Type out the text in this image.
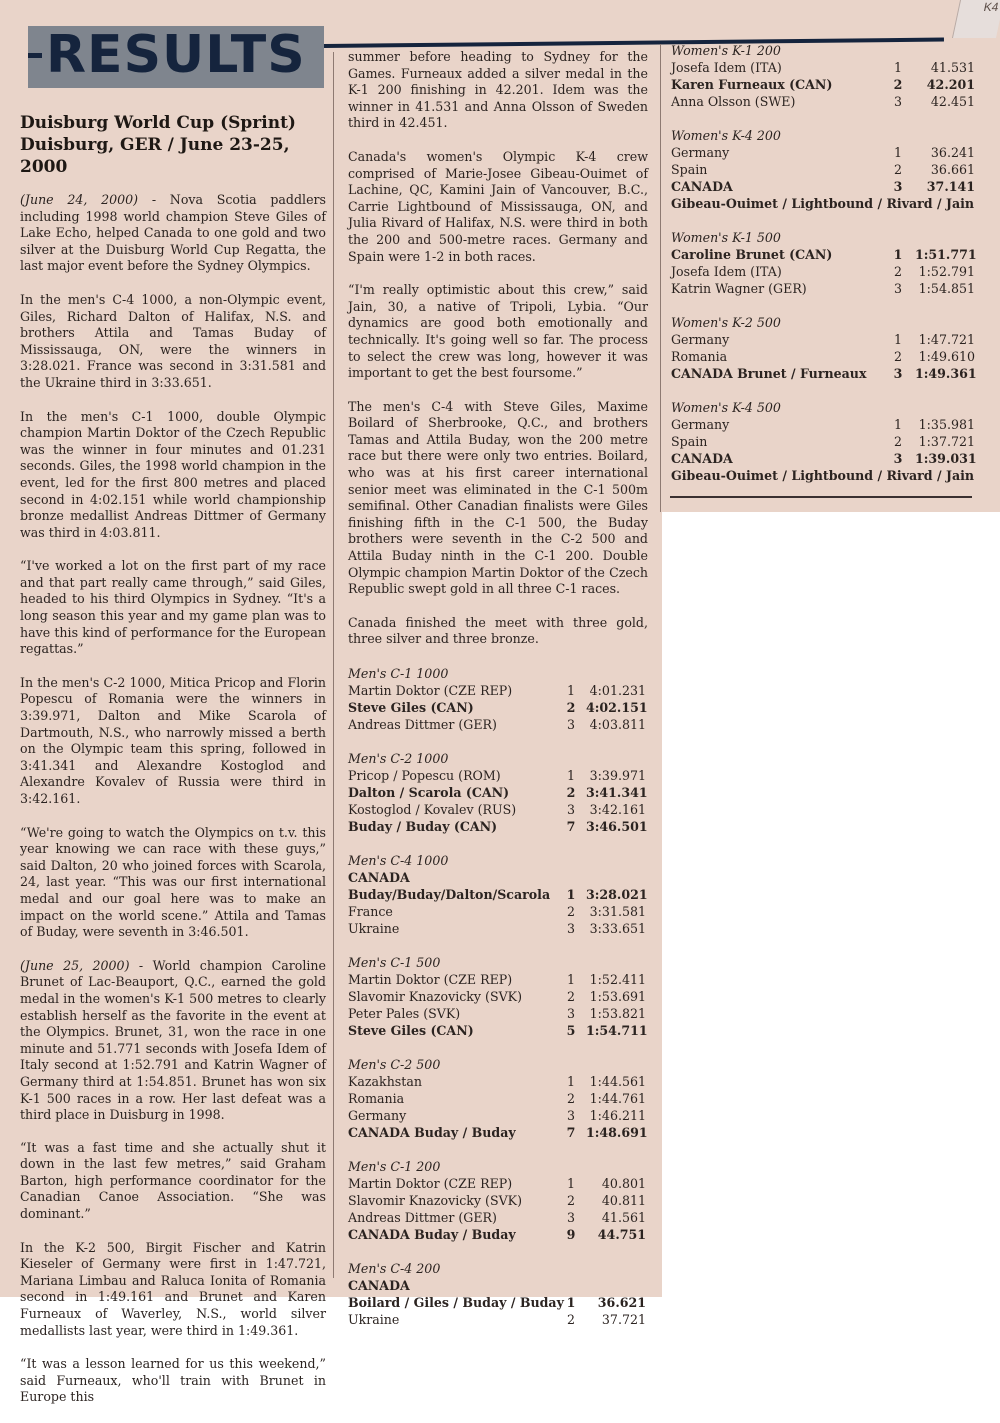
K4
RESULTS
Duisburg World Cup (Sprint)
Duisburg, GER / June 23-25, 2000

(June 24, 2000) - Nova Scotia paddlers including 1998 world champion Steve Giles of Lake Echo, helped Canada to one gold and two silver at the Duisburg World Cup Regatta, the last major event before the Sydney Olympics.

In the men's C-4 1000, a non-Olympic event, Giles, Richard Dalton of Halifax, N.S. and brothers Attila and Tamas Buday of Mississauga, ON, were the winners in 3:28.021. France was second in 3:31.581 and the Ukraine third in 3:33.651.

In the men's C-1 1000, double Olympic champion Martin Doktor of the Czech Republic was the winner in four minutes and 01.231 seconds. Giles, the 1998 world champion in the event, led for the first 800 metres and placed second in 4:02.151 while world championship bronze medallist Andreas Dittmer of Germany was third in 4:03.811.

“I've worked a lot on the first part of my race and that part really came through,” said Giles, headed to his third Olympics in Sydney. “It's a long season this year and my game plan was to have this kind of performance for the European regattas.”

In the men's C-2 1000, Mitica Pricop and Florin Popescu of Romania were the winners in 3:39.971, Dalton and Mike Scarola of Dartmouth, N.S., who narrowly missed a berth on the Olympic team this spring, followed in 3:41.341 and Alexandre Kostoglod and Alexandre Kovalev of Russia were third in 3:42.161.

“We're going to watch the Olympics on t.v. this year knowing we can race with these guys,” said Dalton, 20 who joined forces with Scarola, 24, last year. “This was our first international medal and our goal here was to make an impact on the world scene.” Attila and Tamas of Buday, were seventh in 3:46.501.

(June 25, 2000) - World champion Caroline Brunet of Lac-Beauport, Q.C., earned the gold medal in the women's K-1 500 metres to clearly establish herself as the favorite in the event at the Olympics. Brunet, 31, won the race in one minute and 51.771 seconds with Josefa Idem of Italy second at 1:52.791 and Katrin Wagner of Germany third at 1:54.851. Brunet has won six K-1 500 races in a row. Her last defeat was a third place in Duisburg in 1998.

“It was a fast time and she actually shut it down in the last few metres,” said Graham Barton, high performance coordinator for the Canadian Canoe Association. “She was dominant.”

In the K-2 500, Birgit Fischer and Katrin Kieseler of Germany were first in 1:47.721, Mariana Limbau and Raluca Ionita of Romania second in 1:49.161 and Brunet and Karen Furneaux of Waverley, N.S., world silver medallists last year, were third in 1:49.361.

“It was a lesson learned for us this weekend,” said Furneaux, who'll train with Brunet in Europe this

summer before heading to Sydney for the Games. Furneaux added a silver medal in the K-1 200 finishing in 42.201. Idem was the winner in 41.531 and Anna Olsson of Sweden third in 42.451.

Canada's women's Olympic K-4 crew comprised of Marie-Josee Gibeau-Ouimet of Lachine, QC, Kamini Jain of Vancouver, B.C., Carrie Lightbound of Mississauga, ON, and Julia Rivard of Halifax, N.S. were third in both the 200 and 500-metre races. Germany and Spain were 1-2 in both races.

“I'm really optimistic about this crew,” said Jain, 30, a native of Tripoli, Lybia. “Our dynamics are good both emotionally and technically. It's going well so far. The process to select the crew was long, however it was important to get the best foursome.”

The men's C-4 with Steve Giles, Maxime Boilard of Sherbrooke, Q.C., and brothers Tamas and Attila Buday, won the 200 metre race but there were only two entries. Boilard, who was at his first career international senior meet was eliminated in the C-1 500m semifinal. Other Canadian finalists were Giles finishing fifth in the C-1 500, the Buday brothers were seventh in the C-2 500 and Attila Buday ninth in the C-1 200. Double Olympic champion Martin Doktor of the Czech Republic swept gold in all three C-1 races.

Canada finished the meet with three gold, three silver and three bronze.

Men's C-1 1000
Martin Doktor (CZE REP)	1 4:01.231
Steve Giles (CAN)	2 4:02.151
Andreas Dittmer (GER)	3 4:03.811
Men's C-2 1000
Pricop / Popescu (ROM)	1 3:39.971
Dalton / Scarola (CAN)	2 3:41.341
Kostoglod / Kovalev (RUS)	3 3:42.161
Buday / Buday (CAN)	7 3:46.501
Men's C-4 1000
CANADA
Buday/Buday/Dalton/Scarola 1 3:28.021
France	2 3:31.581
Ukraine	3 3:33.651
Men's C-1 500
Martin Doktor (CZE REP)	1 1:52.411
Slavomir Knazovicky (SVK)	2 1:53.691
Peter Pales (SVK)	3 1:53.821
Steve Giles (CAN)	5 1:54.711
Men's C-2 500
Kazakhstan	1 1:44.561
Romania	2 1:44.761
Germany	3 1:46.211
CANADA Buday / Buday	7 1:48.691
Men's C-1 200
Martin Doktor (CZE REP)	1	40.801
Slavomir Knazovicky (SVK)	2	40.811
Andreas Dittmer (GER)	3	41.561
CANADA Buday / Buday	9	44.751
Men's C-4 200
CANADA
Boilard / Giles / Buday / Buday 1	36.621
Ukraine	2	37.721
Women's K-1 200
Josefa Idem (ITA)	1	41.531
Karen Furneaux (CAN)	2	42.201
Anna Olsson (SWE)	3	42.451
Women's K-4 200
Germany	1	36.241
Spain	2	36.661
CANADA	3	37.141
Gibeau-Ouimet / Lightbound / Rivard / Jain
Women's K-1 500
Caroline Brunet (CAN)	1 1:51.771
Josefa Idem (ITA)	2 1:52.791
Katrin Wagner (GER)	3 1:54.851
Women's K-2 500
Germany	1 1:47.721
Romania	2 1:49.610
CANADA Brunet / Furneaux 3 1:49.361
Women's K-4 500
Germany	1 1:35.981
Spain	2 1:37.721
CANADA	3 1:39.031
Gibeau-Ouimet / Lightbound / Rivard / Jain
